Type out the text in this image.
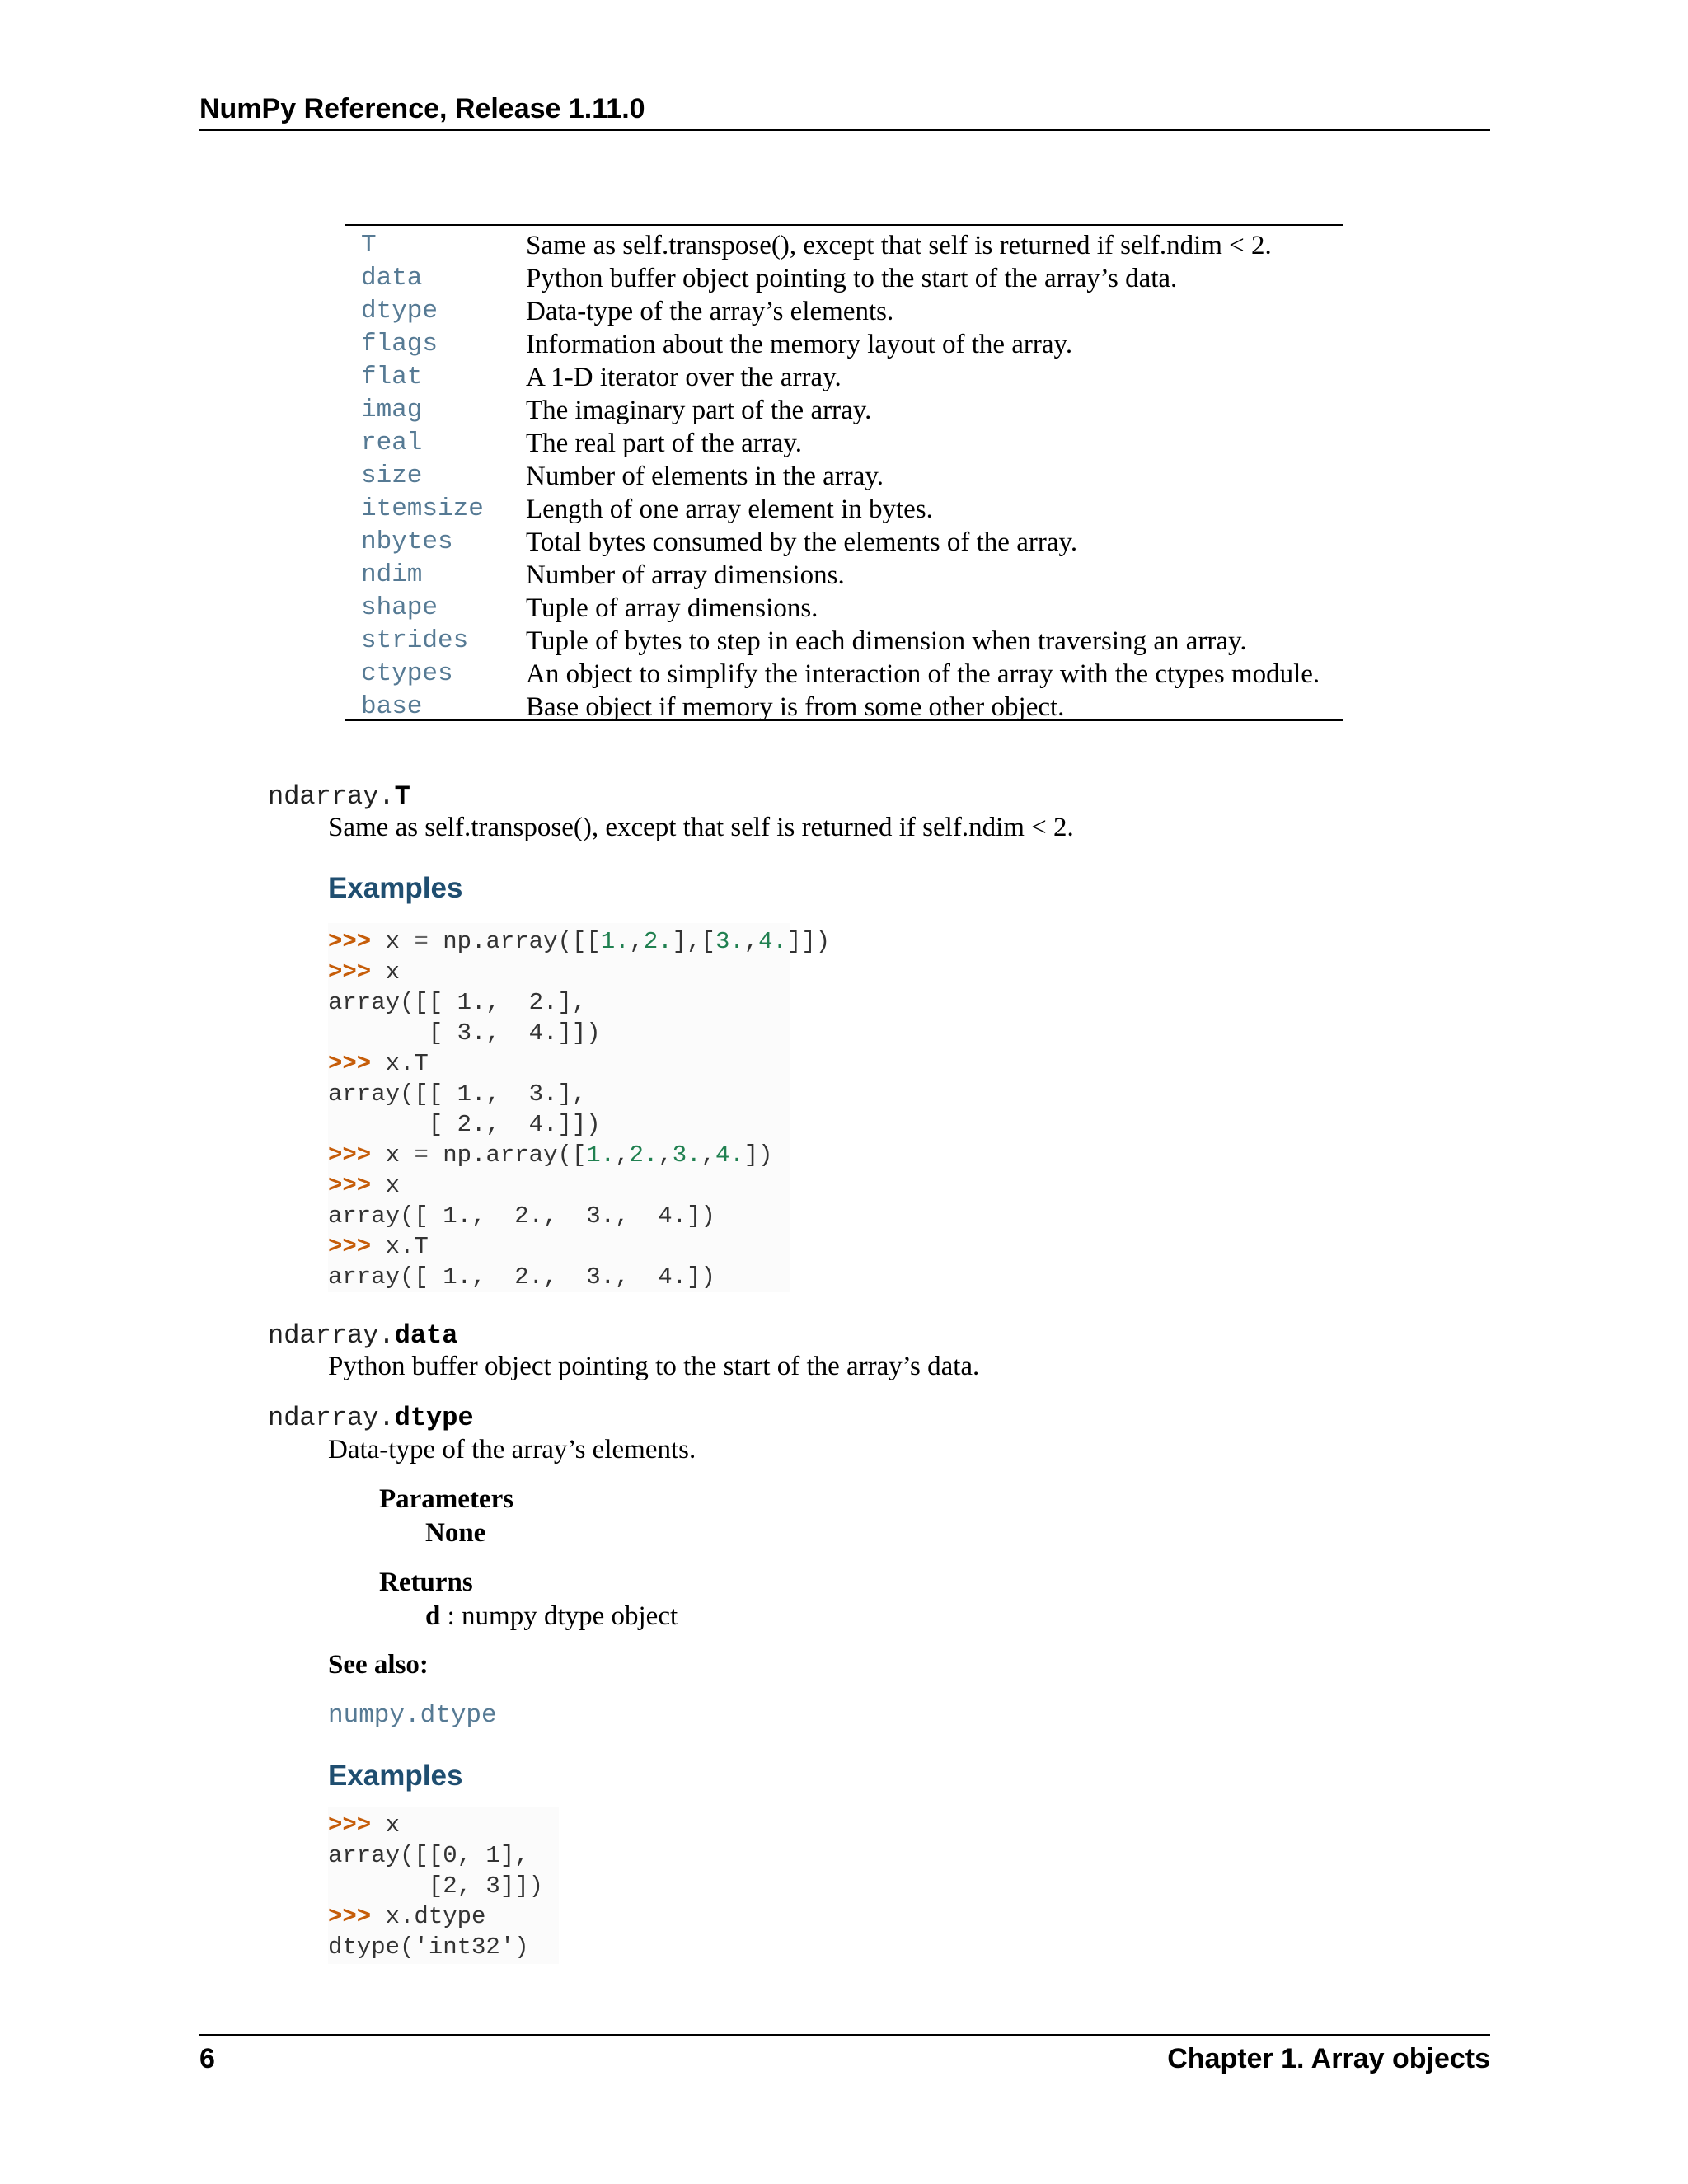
NumPy Reference, Release 1.11.0
T	Same as self.transpose(), except that self is returned if self.ndim < 2.
data	Python buffer object pointing to the start of the array’s data.
dtype	Data-type of the array’s elements.
flags	Information about the memory layout of the array.
flat	A 1-D iterator over the array.
imag	The imaginary part of the array.
real	The real part of the array.
size	Number of elements in the array.
itemsize	Length of one array element in bytes.
nbytes	Total bytes consumed by the elements of the array.
ndim	Number of array dimensions.
shape	Tuple of array dimensions.
strides	Tuple of bytes to step in each dimension when traversing an array.
ctypes	An object to simplify the interaction of the array with the ctypes module.
base	Base object if memory is from some other object.
ndarray.T
Same as self.transpose(), except that self is returned if self.ndim < 2.
Examples
>>> x = np.array([[1.,2.],[3.,4.]])
>>> x
array([[ 1.,  2.],
[ 3.,  4.]])
>>> x.T
array([[ 1.,  3.],
[ 2.,  4.]])
>>> x = np.array([1.,2.,3.,4.])
>>> x
array([ 1.,  2.,  3.,  4.])
>>> x.T
array([ 1.,  2.,  3.,  4.])
ndarray.data
Python buffer object pointing to the start of the array’s data.
ndarray.dtype
Data-type of the array’s elements.
Parameters
None
Returns
d : numpy dtype object
See also:
numpy.dtype
Examples
>>> x
array([[0, 1],
[2, 3]])
>>> x.dtype
dtype('int32')
6	Chapter 1. Array objects
